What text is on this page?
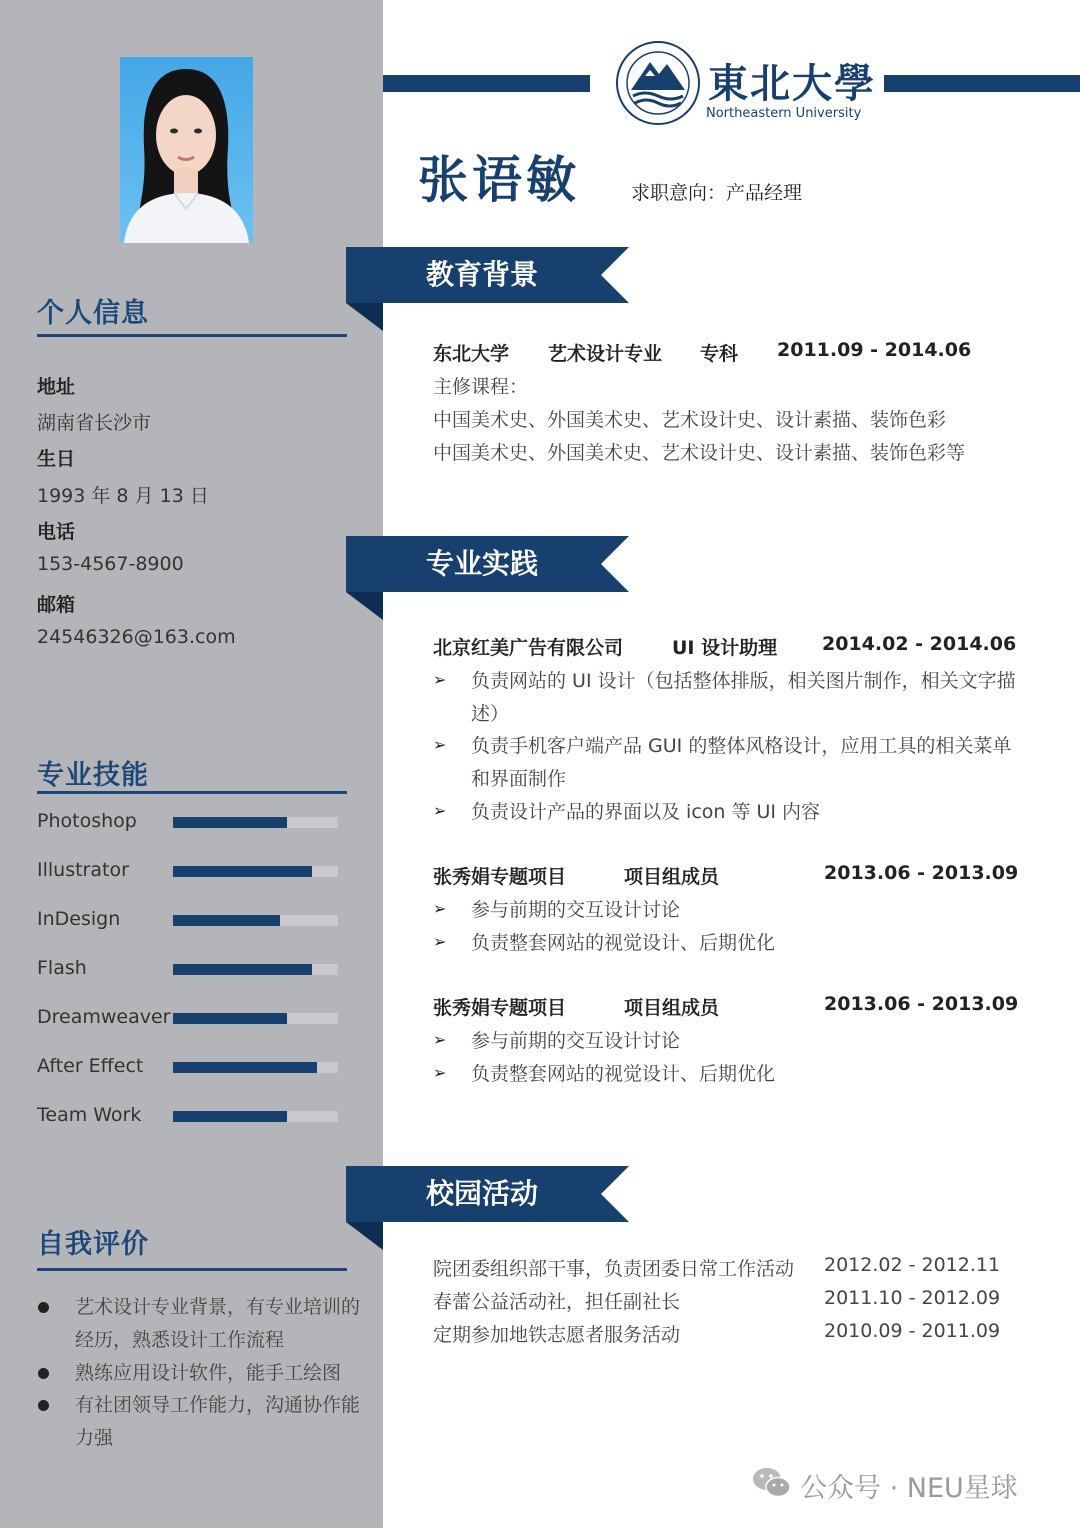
个人信息
地址
湖南省长沙市
生日
1993 年 8 月 13 日
电话
153-4567-8900
邮箱
24546326@163.com
专业技能
Photoshop
Illustrator
InDesign
Flash
Dreamweaver
After Effect
Team Work
自我评价
艺术设计专业背景，有专业培训的
经历，熟悉设计工作流程
熟练应用设计软件，能手工绘图
有社团领导工作能力，沟通协作能
力强
東北大學
Northeastern University
张语敏	求职意向：产品经理
教育背景
东北大学 艺术设计专业 专科 2011.09 - 2014.06
主修课程：
中国美术史、外国美术史、艺术设计史、设计素描、装饰色彩
中国美术史、外国美术史、艺术设计史、设计素描、装饰色彩等
专业实践
北京红美广告有限公司	UI 设计助理 2014.02 - 2014.06
➢ 负责网站的 UI 设计（包括整体排版，相关图片制作，相关文字描
述）
➢ 负责手机客户端产品 GUI 的整体风格设计，应用工具的相关菜单
和界面制作
➢ 负责设计产品的界面以及 icon 等 UI 内容
张秀娟专题项目	项目组成员	2013.06 - 2013.09
➢ 参与前期的交互设计讨论
➢ 负责整套网站的视觉设计、后期优化
张秀娟专题项目	项目组成员	2013.06 - 2013.09
➢ 参与前期的交互设计讨论
➢ 负责整套网站的视觉设计、后期优化
校园活动
院团委组织部干事，负责团委日常工作活动 2012.02 - 2012.11
春蕾公益活动社，担任副社长	2011.10 - 2012.09
定期参加地铁志愿者服务活动	2010.09 - 2011.09
公众号 · NEU星球
